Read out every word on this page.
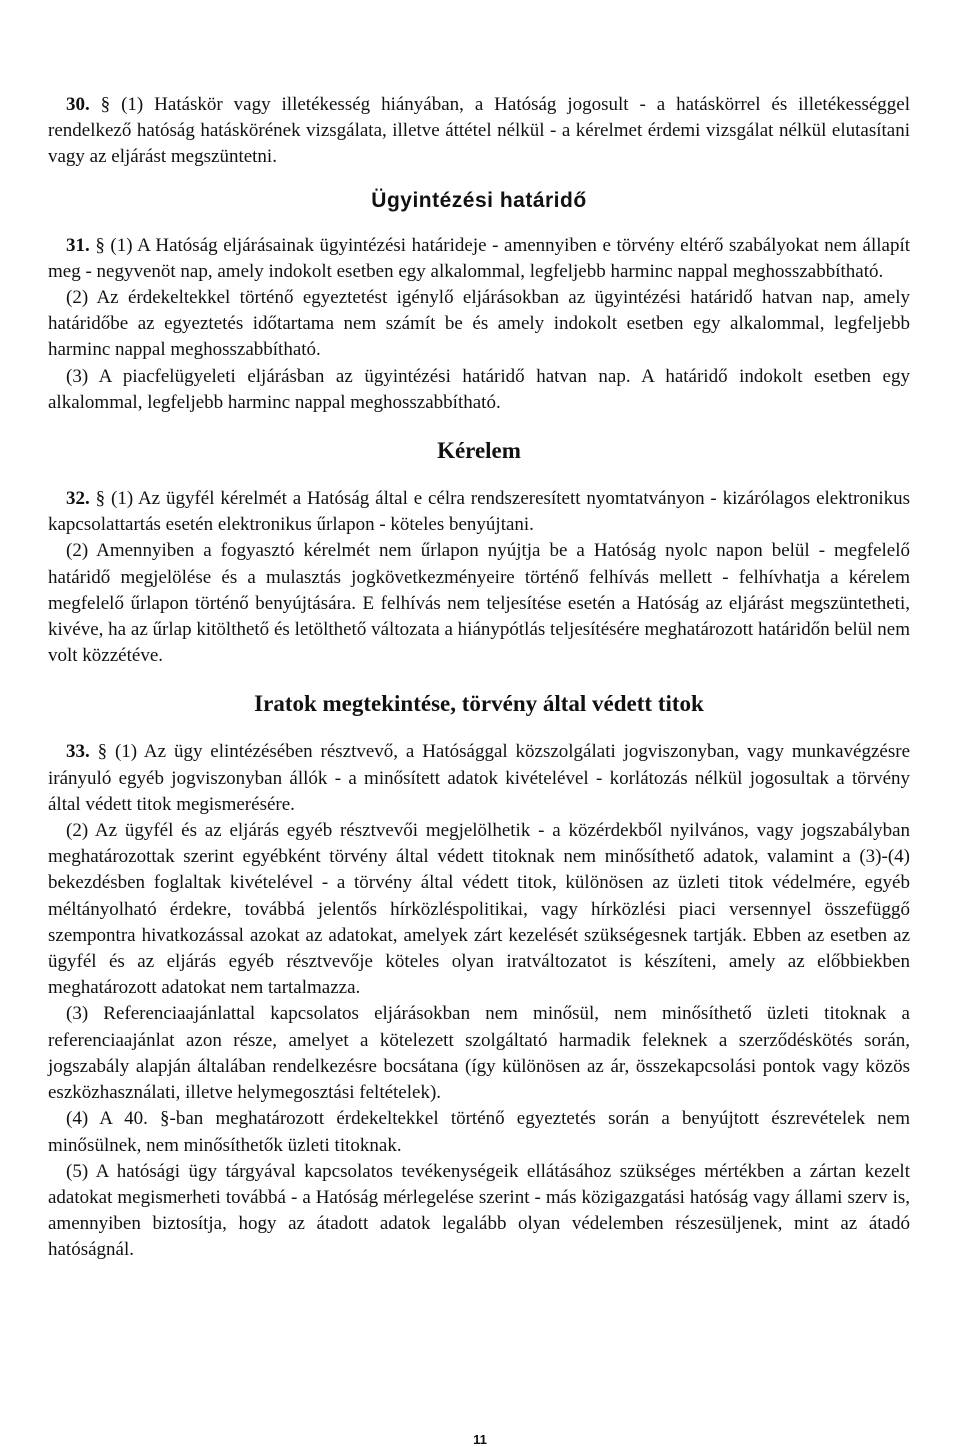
30. § (1) Hatáskör vagy illetékesség hiányában, a Hatóság jogosult - a hatáskörrel és illetékességgel rendelkező hatóság hatáskörének vizsgálata, illetve áttétel nélkül - a kérelmet érdemi vizsgálat nélkül elutasítani vagy az eljárást megszüntetni.

Ügyintézési határidő

31. § (1) A Hatóság eljárásainak ügyintézési határideje - amennyiben e törvény eltérő szabályokat nem állapít meg - negyvenöt nap, amely indokolt esetben egy alkalommal, legfeljebb harminc nappal meghosszabbítható.

(2) Az érdekeltekkel történő egyeztetést igénylő eljárásokban az ügyintézési határidő hatvan nap, amely határidőbe az egyeztetés időtartama nem számít be és amely indokolt esetben egy alkalommal, legfeljebb harminc nappal meghosszabbítható.

(3) A piacfelügyeleti eljárásban az ügyintézési határidő hatvan nap. A határidő indokolt esetben egy alkalommal, legfeljebb harminc nappal meghosszabbítható.

Kérelem

32. § (1) Az ügyfél kérelmét a Hatóság által e célra rendszeresített nyomtatványon - kizárólagos elektronikus kapcsolattartás esetén elektronikus űrlapon - köteles benyújtani.

(2) Amennyiben a fogyasztó kérelmét nem űrlapon nyújtja be a Hatóság nyolc napon belül - megfelelő határidő megjelölése és a mulasztás jogkövetkezményeire történő felhívás mellett - felhívhatja a kérelem megfelelő űrlapon történő benyújtására. E felhívás nem teljesítése esetén a Hatóság az eljárást megszüntetheti, kivéve, ha az űrlap kitölthető és letölthető változata a hiánypótlás teljesítésére meghatározott határidőn belül nem volt közzétéve.

Iratok megtekintése, törvény által védett titok

33. § (1) Az ügy elintézésében résztvevő, a Hatósággal közszolgálati jogviszonyban, vagy munkavégzésre irányuló egyéb jogviszonyban állók - a minősített adatok kivételével - korlátozás nélkül jogosultak a törvény által védett titok megismerésére.

(2) Az ügyfél és az eljárás egyéb résztvevői megjelölhetik - a közérdekből nyilvános, vagy jogszabályban meghatározottak szerint egyébként törvény által védett titoknak nem minősíthető adatok, valamint a (3)-(4) bekezdésben foglaltak kivételével - a törvény által védett titok, különösen az üzleti titok védelmére, egyéb méltányolható érdekre, továbbá jelentős hírközléspolitikai, vagy hírközlési piaci versennyel összefüggő szempontra hivatkozással azokat az adatokat, amelyek zárt kezelését szükségesnek tartják. Ebben az esetben az ügyfél és az eljárás egyéb résztvevője köteles olyan iratváltozatot is készíteni, amely az előbbiekben meghatározott adatokat nem tartalmazza.

(3) Referenciaajánlattal kapcsolatos eljárásokban nem minősül, nem minősíthető üzleti titoknak a referenciaajánlat azon része, amelyet a kötelezett szolgáltató harmadik feleknek a szerződéskötés során, jogszabály alapján általában rendelkezésre bocsátana (így különösen az ár, összekapcsolási pontok vagy közös eszközhasználati, illetve helymegosztási feltételek).

(4) A 40. §-ban meghatározott érdekeltekkel történő egyeztetés során a benyújtott észrevételek nem minősülnek, nem minősíthetők üzleti titoknak.

(5) A hatósági ügy tárgyával kapcsolatos tevékenységeik ellátásához szükséges mértékben a zártan kezelt adatokat megismerheti továbbá - a Hatóság mérlegelése szerint - más közigazgatási hatóság vagy állami szerv is, amennyiben biztosítja, hogy az átadott adatok legalább olyan védelemben részesüljenek, mint az átadó hatóságnál.

11
